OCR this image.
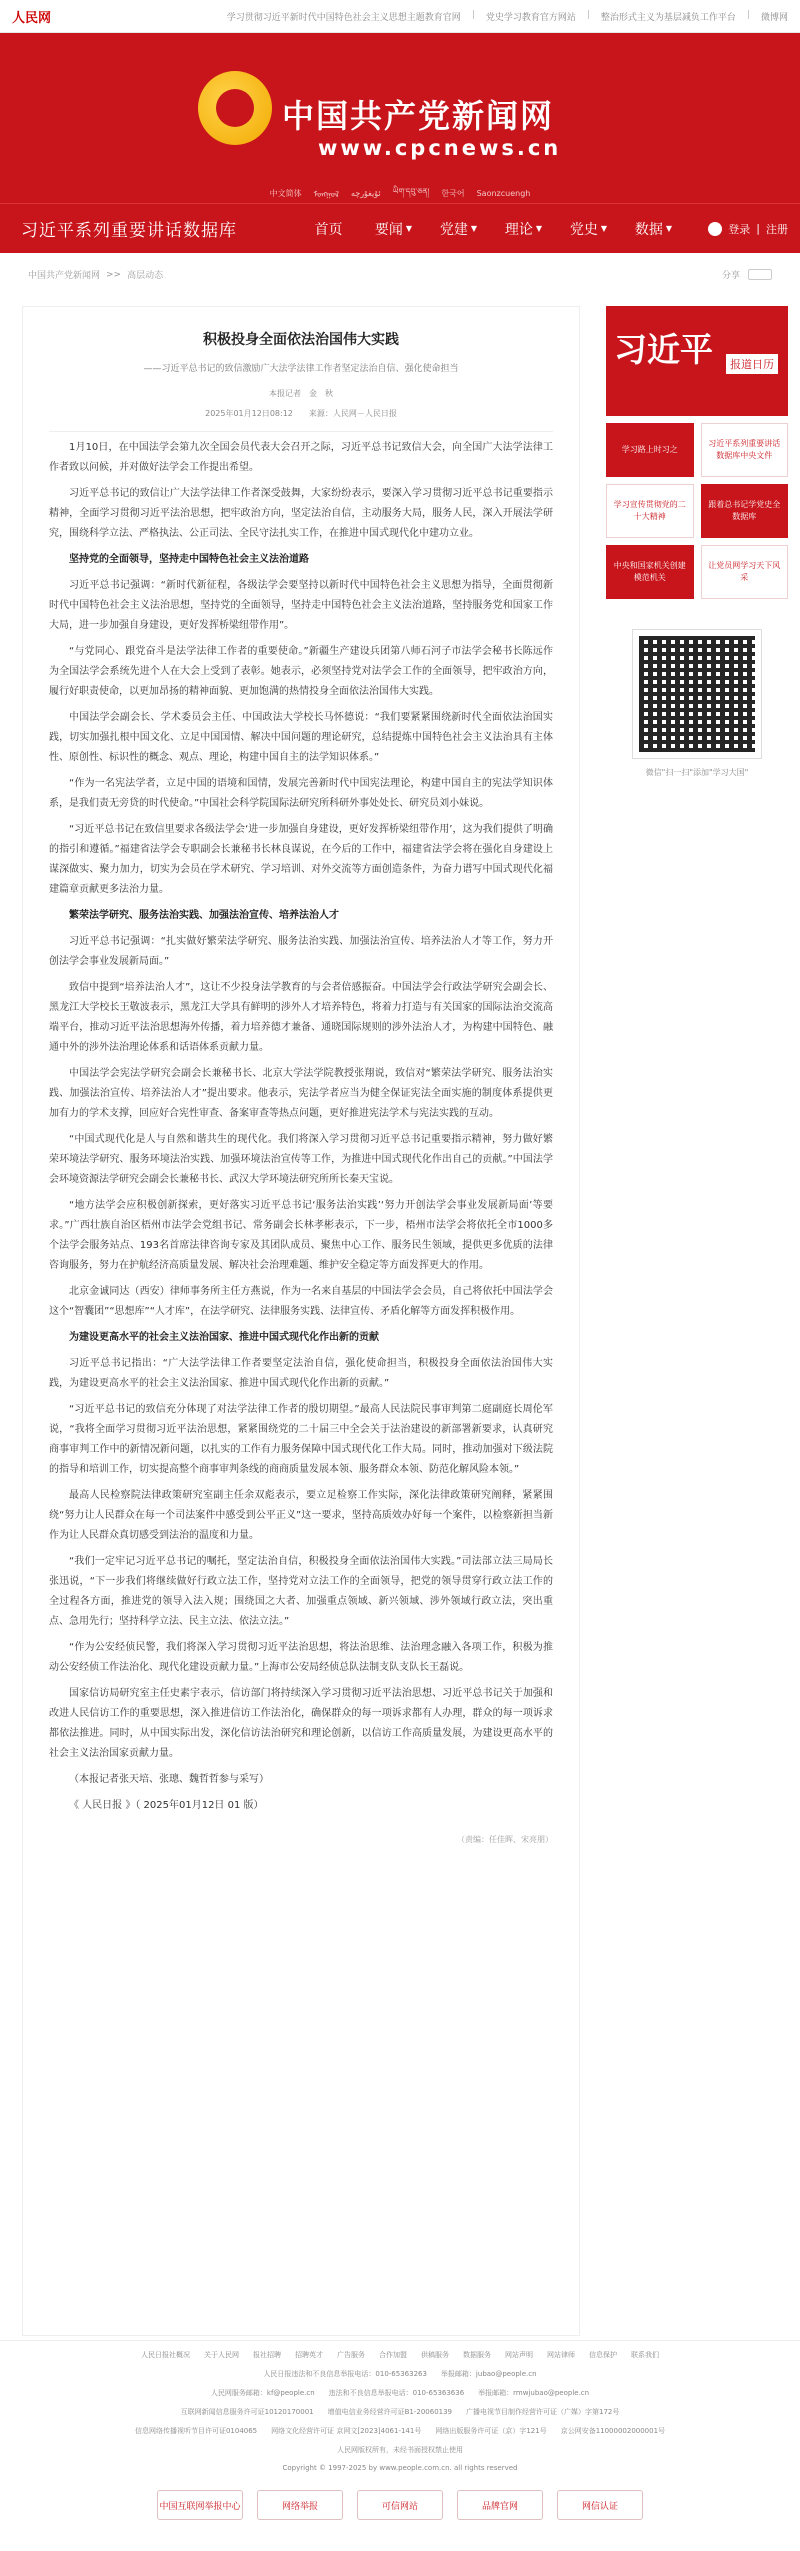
人民网	学习贯彻习近平新时代中国特色社会主义思想主题教育官网 | 党史学习教育官方网站 | 整治形式主义为基层减负工作平台 | 微博网
中国共产党新闻网
www.cpcnews.cn
中文简体 ᠮᠣᠩᠭᠣᠯ ئۇيغۇرچە ཡིག་དབུ་ཅན། 한국어 Saonzcuengh
习近平系列重要讲话数据库	首页 要闻 ▼ 党建 ▼ 理论 ▼ 党史 ▼ 数据 ▼	登录 | 注册
中国共产党新闻网 >> 高层动态	分享
积极投身全面依法治国伟大实践
——习近平总书记的致信激励广大法学法律工作者坚定法治自信、强化使命担当
本报记者　金　秋
2025年01月12日08:12　　来源：人民网－人民日报

1月10日，在中国法学会第九次全国会员代表大会召开之际，习近平总书记致信大会，向全国广大法学法律工作者致以问候，并对做好法学会工作提出希望。

习近平总书记的致信让广大法学法律工作者深受鼓舞，大家纷纷表示，要深入学习贯彻习近平总书记重要指示精神，全面学习贯彻习近平法治思想，把牢政治方向，坚定法治自信，主动服务大局，服务人民，深入开展法学研究，围绕科学立法、严格执法、公正司法、全民守法扎实工作，在推进中国式现代化中建功立业。

坚持党的全面领导，坚持走中国特色社会主义法治道路

习近平总书记强调：“新时代新征程，各级法学会要坚持以新时代中国特色社会主义思想为指导，全面贯彻新时代中国特色社会主义法治思想，坚持党的全面领导，坚持走中国特色社会主义法治道路，坚持服务党和国家工作大局，进一步加强自身建设，更好发挥桥梁纽带作用”。

“与党同心、跟党奋斗是法学法律工作者的重要使命。”新疆生产建设兵团第八师石河子市法学会秘书长陈远作为全国法学会系统先进个人在大会上受到了表彰。她表示，必须坚持党对法学会工作的全面领导，把牢政治方向，履行好职责使命，以更加昂扬的精神面貌、更加饱满的热情投身全面依法治国伟大实践。

中国法学会副会长、学术委员会主任、中国政法大学校长马怀德说：“我们要紧紧围绕新时代全面依法治国实践，切实加强扎根中国文化、立足中国国情、解决中国问题的理论研究，总结提炼中国特色社会主义法治具有主体性、原创性、标识性的概念、观点、理论，构建中国自主的法学知识体系。”

“作为一名宪法学者，立足中国的语境和国情，发展完善新时代中国宪法理论，构建中国自主的宪法学知识体系，是我们责无旁贷的时代使命。”中国社会科学院国际法研究所科研外事处处长、研究员刘小妹说。

“习近平总书记在致信里要求各级法学会‘进一步加强自身建设，更好发挥桥梁纽带作用’，这为我们提供了明确的指引和遵循。”福建省法学会专职副会长兼秘书长林良谋说，在今后的工作中，福建省法学会将在强化自身建设上谋深做实、聚力加力，切实为会员在学术研究、学习培训、对外交流等方面创造条件，为奋力谱写中国式现代化福建篇章贡献更多法治力量。

繁荣法学研究、服务法治实践、加强法治宣传、培养法治人才

习近平总书记强调：“扎实做好繁荣法学研究、服务法治实践、加强法治宣传、培养法治人才等工作，努力开创法学会事业发展新局面。”

致信中提到“培养法治人才”，这让不少投身法学教育的与会者倍感振奋。中国法学会行政法学研究会副会长、黑龙江大学校长王敬波表示，黑龙江大学具有鲜明的涉外人才培养特色，将着力打造与有关国家的国际法治交流高端平台，推动习近平法治思想海外传播，着力培养德才兼备、通晓国际规则的涉外法治人才，为构建中国特色、融通中外的涉外法治理论体系和话语体系贡献力量。

中国法学会宪法学研究会副会长兼秘书长、北京大学法学院教授张翔说，致信对“繁荣法学研究、服务法治实践、加强法治宣传、培养法治人才”提出要求。他表示，宪法学者应当为健全保证宪法全面实施的制度体系提供更加有力的学术支撑，回应好合宪性审查、备案审查等热点问题，更好推进宪法学术与宪法实践的互动。

“中国式现代化是人与自然和谐共生的现代化。我们将深入学习贯彻习近平总书记重要指示精神，努力做好繁荣环境法学研究、服务环境法治实践、加强环境法治宣传等工作，为推进中国式现代化作出自己的贡献。”中国法学会环境资源法学研究会副会长兼秘书长、武汉大学环境法研究所所长秦天宝说。

“地方法学会应积极创新探索，更好落实习近平总书记‘服务法治实践’‘努力开创法学会事业发展新局面’等要求。”广西壮族自治区梧州市法学会党组书记、常务副会长林孝彬表示，下一步，梧州市法学会将依托全市1000多个法学会服务站点、193名首席法律咨询专家及其团队成员、聚焦中心工作、服务民生领域，提供更多优质的法律咨询服务，努力在护航经济高质量发展、解决社会治理难题、维护安全稳定等方面发挥更大的作用。

北京金诚同达（西安）律师事务所主任方燕说，作为一名来自基层的中国法学会会员，自己将依托中国法学会这个“智囊团”“思想库”“人才库”，在法学研究、法律服务实践、法律宣传、矛盾化解等方面发挥积极作用。

为建设更高水平的社会主义法治国家、推进中国式现代化作出新的贡献

习近平总书记指出：“广大法学法律工作者要坚定法治自信，强化使命担当，积极投身全面依法治国伟大实践，为建设更高水平的社会主义法治国家、推进中国式现代化作出新的贡献。”

“习近平总书记的致信充分体现了对法学法律工作者的殷切期望。”最高人民法院民事审判第二庭副庭长周伦军说，“我将全面学习贯彻习近平法治思想，紧紧围绕党的二十届三中全会关于法治建设的新部署新要求，认真研究商事审判工作中的新情况新问题，以扎实的工作有力服务保障中国式现代化工作大局。同时，推动加强对下级法院的指导和培训工作，切实提高整个商事审判条线的商商质量发展本领、服务群众本领、防范化解风险本领。”

最高人民检察院法律政策研究室副主任余双彪表示，要立足检察工作实际，深化法律政策研究阐释，紧紧围绕“努力让人民群众在每一个司法案件中感受到公平正义”这一要求，坚持高质效办好每一个案件，以检察新担当新作为让人民群众真切感受到法治的温度和力量。

“我们一定牢记习近平总书记的嘱托，坚定法治自信，积极投身全面依法治国伟大实践。”司法部立法三局局长张迅说，“下一步我们将继续做好行政立法工作，坚持党对立法工作的全面领导，把党的领导贯穿行政立法工作的全过程各方面，推进党的领导入法入规；围绕国之大者、加强重点领域、新兴领域、涉外领域行政立法，突出重点、急用先行；坚持科学立法、民主立法、依法立法。”

“作为公安经侦民警，我们将深入学习贯彻习近平法治思想，将法治思维、法治理念融入各项工作，积极为推动公安经侦工作法治化、现代化建设贡献力量。”上海市公安局经侦总队法制支队支队长王磊说。

国家信访局研究室主任史素宇表示，信访部门将持续深入学习贯彻习近平法治思想、习近平总书记关于加强和改进人民信访工作的重要思想，深入推进信访工作法治化，确保群众的每一项诉求都有人办理，群众的每一项诉求都依法推进。同时，从中国实际出发，深化信访法治研究和理论创新，以信访工作高质量发展，为建设更高水平的社会主义法治国家贡献力量。

（本报记者张天培、张璁、魏哲哲参与采写）

《 人民日报 》（ 2025年01月12日 01 版）

（责编：任佳晖、宋亮朋）
习近平	报道日历
学习路上时习之
习近平系列重要讲话数据库中央文件
学习宣传贯彻党的二十大精神
跟着总书记学党史全数据库
中央和国家机关创建模范机关
让党员网学习天下风采
微信"扫一扫"添加"学习大国"
人民日报社概况 关于人民网 报社招聘 招聘英才 广告服务 合作加盟 供稿服务 数据服务 网站声明 网站律师 信息保护 联系我们
人民日报违法和不良信息举报电话：010-65363263　　举报邮箱：jubao@people.cn
人民网服务邮箱：kf@people.cn　　违法和不良信息举报电话：010-65363636　　举报邮箱：rmwjubao@people.cn
互联网新闻信息服务许可证10120170001　　增值电信业务经营许可证B1-20060139　　广播电视节目制作经营许可证（广媒）字第172号
信息网络传播视听节目许可证0104065　　网络文化经营许可证 京网文[2023]4061-141号　　网络出版服务许可证（京）字121号　　京公网安备11000002000001号
人民网版权所有，未经书面授权禁止使用
Copyright © 1997-2025 by www.people.com.cn. all rights reserved
中国互联网举报中心	网络举报	可信网站	品牌官网	网信认证
